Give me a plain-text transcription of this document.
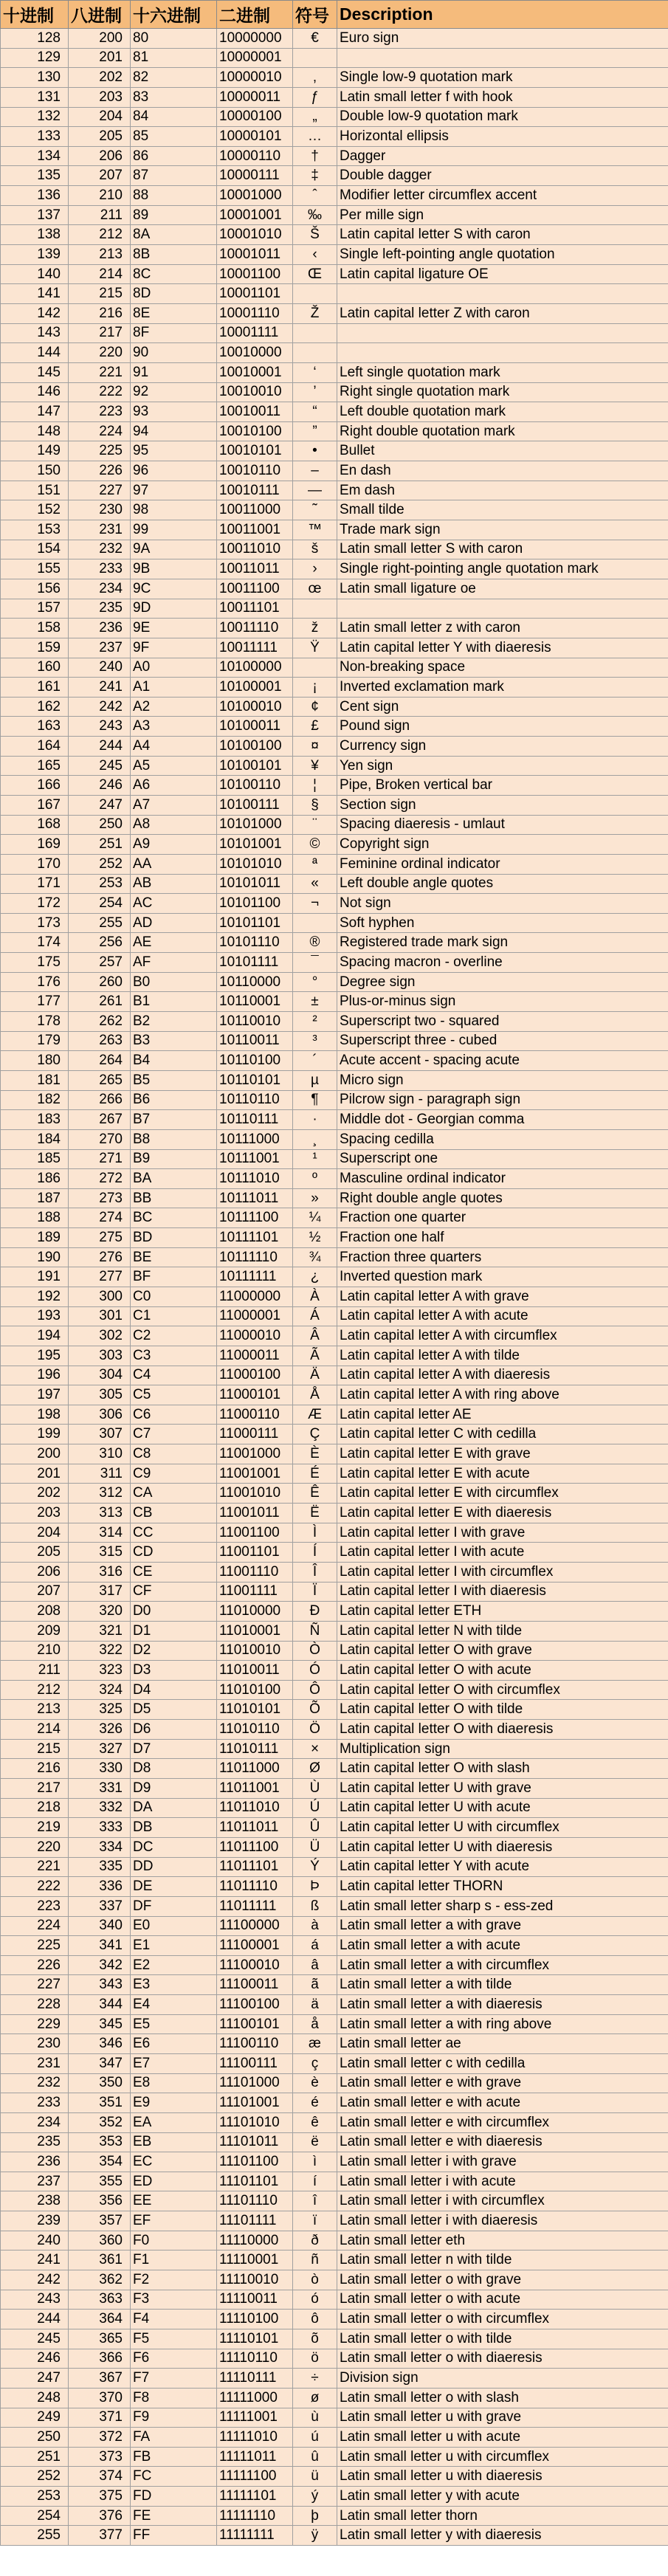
十进制	八进制	十六进制	二进制	符号	Description
128	200	80	10000000	€	Euro sign
129	201	81	10000001		
130	202	82	10000010	‚	Single low-9 quotation mark
131	203	83	10000011	ƒ	Latin small letter f with hook
132	204	84	10000100	„	Double low-9 quotation mark
133	205	85	10000101	…	Horizontal ellipsis
134	206	86	10000110	†	Dagger
135	207	87	10000111	‡	Double dagger
136	210	88	10001000	ˆ	Modifier letter circumflex accent
137	211	89	10001001	‰	Per mille sign
138	212	8A	10001010	Š	Latin capital letter S with caron
139	213	8B	10001011	‹	Single left-pointing angle quotation
140	214	8C	10001100	Œ	Latin capital ligature OE
141	215	8D	10001101		
142	216	8E	10001110	Ž	Latin capital letter Z with caron
143	217	8F	10001111		
144	220	90	10010000		
145	221	91	10010001	‘	Left single quotation mark
146	222	92	10010010	’	Right single quotation mark
147	223	93	10010011	“	Left double quotation mark
148	224	94	10010100	”	Right double quotation mark
149	225	95	10010101	•	Bullet
150	226	96	10010110	–	En dash
151	227	97	10010111	—	Em dash
152	230	98	10011000	˜	Small tilde
153	231	99	10011001	™	Trade mark sign
154	232	9A	10011010	š	Latin small letter S with caron
155	233	9B	10011011	›	Single right-pointing angle quotation mark
156	234	9C	10011100	œ	Latin small ligature oe
157	235	9D	10011101		
158	236	9E	10011110	ž	Latin small letter z with caron
159	237	9F	10011111	Ÿ	Latin capital letter Y with diaeresis
160	240	A0	10100000		Non-breaking space
161	241	A1	10100001	¡	Inverted exclamation mark
162	242	A2	10100010	¢	Cent sign
163	243	A3	10100011	£	Pound sign
164	244	A4	10100100	¤	Currency sign
165	245	A5	10100101	¥	Yen sign
166	246	A6	10100110	¦	Pipe, Broken vertical bar
167	247	A7	10100111	§	Section sign
168	250	A8	10101000	¨	Spacing diaeresis - umlaut
169	251	A9	10101001	©	Copyright sign
170	252	AA	10101010	ª	Feminine ordinal indicator
171	253	AB	10101011	«	Left double angle quotes
172	254	AC	10101100	¬	Not sign
173	255	AD	10101101		Soft hyphen
174	256	AE	10101110	®	Registered trade mark sign
175	257	AF	10101111	¯	Spacing macron - overline
176	260	B0	10110000	°	Degree sign
177	261	B1	10110001	±	Plus-or-minus sign
178	262	B2	10110010	²	Superscript two - squared
179	263	B3	10110011	³	Superscript three - cubed
180	264	B4	10110100	´	Acute accent - spacing acute
181	265	B5	10110101	µ	Micro sign
182	266	B6	10110110	¶	Pilcrow sign - paragraph sign
183	267	B7	10110111	·	Middle dot - Georgian comma
184	270	B8	10111000	¸	Spacing cedilla
185	271	B9	10111001	¹	Superscript one
186	272	BA	10111010	º	Masculine ordinal indicator
187	273	BB	10111011	»	Right double angle quotes
188	274	BC	10111100	¼	Fraction one quarter
189	275	BD	10111101	½	Fraction one half
190	276	BE	10111110	¾	Fraction three quarters
191	277	BF	10111111	¿	Inverted question mark
192	300	C0	11000000	À	Latin capital letter A with grave
193	301	C1	11000001	Á	Latin capital letter A with acute
194	302	C2	11000010	Â	Latin capital letter A with circumflex
195	303	C3	11000011	Ã	Latin capital letter A with tilde
196	304	C4	11000100	Ä	Latin capital letter A with diaeresis
197	305	C5	11000101	Å	Latin capital letter A with ring above
198	306	C6	11000110	Æ	Latin capital letter AE
199	307	C7	11000111	Ç	Latin capital letter C with cedilla
200	310	C8	11001000	È	Latin capital letter E with grave
201	311	C9	11001001	É	Latin capital letter E with acute
202	312	CA	11001010	Ê	Latin capital letter E with circumflex
203	313	CB	11001011	Ë	Latin capital letter E with diaeresis
204	314	CC	11001100	Ì	Latin capital letter I with grave
205	315	CD	11001101	Í	Latin capital letter I with acute
206	316	CE	11001110	Î	Latin capital letter I with circumflex
207	317	CF	11001111	Ï	Latin capital letter I with diaeresis
208	320	D0	11010000	Ð	Latin capital letter ETH
209	321	D1	11010001	Ñ	Latin capital letter N with tilde
210	322	D2	11010010	Ò	Latin capital letter O with grave
211	323	D3	11010011	Ó	Latin capital letter O with acute
212	324	D4	11010100	Ô	Latin capital letter O with circumflex
213	325	D5	11010101	Õ	Latin capital letter O with tilde
214	326	D6	11010110	Ö	Latin capital letter O with diaeresis
215	327	D7	11010111	×	Multiplication sign
216	330	D8	11011000	Ø	Latin capital letter O with slash
217	331	D9	11011001	Ù	Latin capital letter U with grave
218	332	DA	11011010	Ú	Latin capital letter U with acute
219	333	DB	11011011	Û	Latin capital letter U with circumflex
220	334	DC	11011100	Ü	Latin capital letter U with diaeresis
221	335	DD	11011101	Ý	Latin capital letter Y with acute
222	336	DE	11011110	Þ	Latin capital letter THORN
223	337	DF	11011111	ß	Latin small letter sharp s - ess-zed
224	340	E0	11100000	à	Latin small letter a with grave
225	341	E1	11100001	á	Latin small letter a with acute
226	342	E2	11100010	â	Latin small letter a with circumflex
227	343	E3	11100011	ã	Latin small letter a with tilde
228	344	E4	11100100	ä	Latin small letter a with diaeresis
229	345	E5	11100101	å	Latin small letter a with ring above
230	346	E6	11100110	æ	Latin small letter ae
231	347	E7	11100111	ç	Latin small letter c with cedilla
232	350	E8	11101000	è	Latin small letter e with grave
233	351	E9	11101001	é	Latin small letter e with acute
234	352	EA	11101010	ê	Latin small letter e with circumflex
235	353	EB	11101011	ë	Latin small letter e with diaeresis
236	354	EC	11101100	ì	Latin small letter i with grave
237	355	ED	11101101	í	Latin small letter i with acute
238	356	EE	11101110	î	Latin small letter i with circumflex
239	357	EF	11101111	ï	Latin small letter i with diaeresis
240	360	F0	11110000	ð	Latin small letter eth
241	361	F1	11110001	ñ	Latin small letter n with tilde
242	362	F2	11110010	ò	Latin small letter o with grave
243	363	F3	11110011	ó	Latin small letter o with acute
244	364	F4	11110100	ô	Latin small letter o with circumflex
245	365	F5	11110101	õ	Latin small letter o with tilde
246	366	F6	11110110	ö	Latin small letter o with diaeresis
247	367	F7	11110111	÷	Division sign
248	370	F8	11111000	ø	Latin small letter o with slash
249	371	F9	11111001	ù	Latin small letter u with grave
250	372	FA	11111010	ú	Latin small letter u with acute
251	373	FB	11111011	û	Latin small letter u with circumflex
252	374	FC	11111100	ü	Latin small letter u with diaeresis
253	375	FD	11111101	ý	Latin small letter y with acute
254	376	FE	11111110	þ	Latin small letter thorn
255	377	FF	11111111	ÿ	Latin small letter y with diaeresis
